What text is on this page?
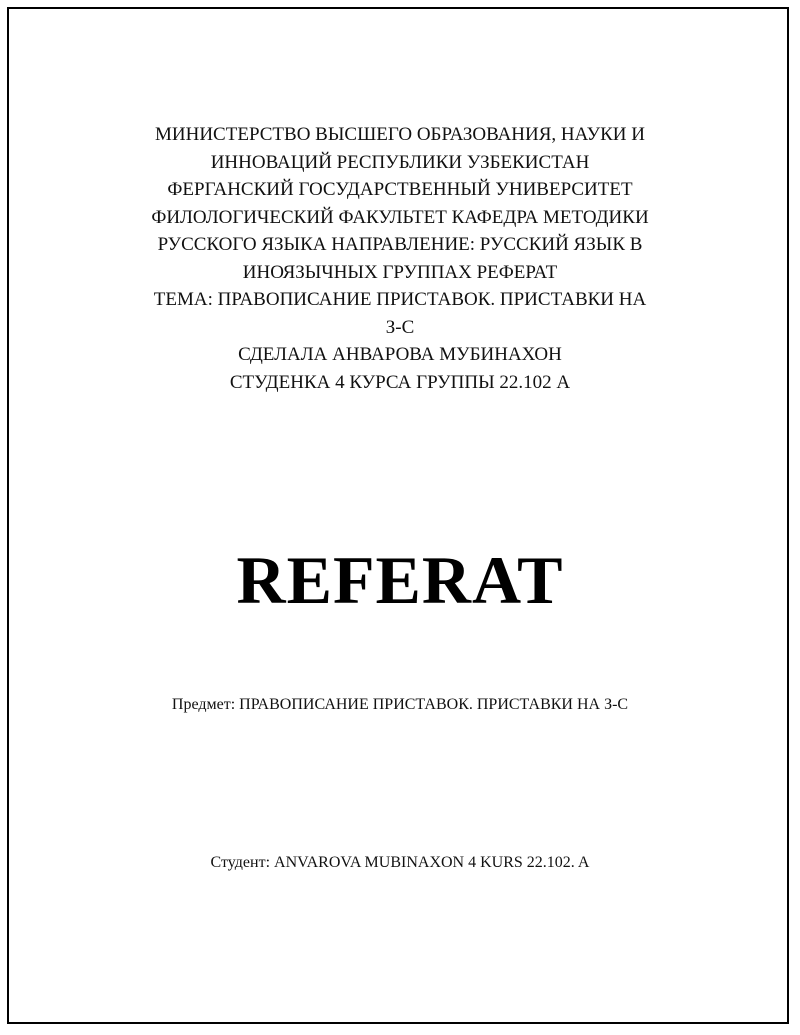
МИНИСТЕРСТВО ВЫСШЕГО ОБРАЗОВАНИЯ, НАУКИ И
ИННОВАЦИЙ РЕСПУБЛИКИ УЗБЕКИСТАН
ФЕРГАНСКИЙ ГОСУДАРСТВЕННЫЙ УНИВЕРСИТЕТ
ФИЛОЛОГИЧЕСКИЙ ФАКУЛЬТЕТ КАФЕДРА МЕТОДИКИ
РУССКОГО ЯЗЫКА НАПРАВЛЕНИЕ: РУССКИЙ ЯЗЫК В
ИНОЯЗЫЧНЫХ ГРУППАХ РЕФЕРАТ
ТЕМА: ПРАВОПИСАНИЕ ПРИСТАВОК. ПРИСТАВКИ НА
З-С
СДЕЛАЛА АНВАРОВА МУБИНАХОН
СТУДЕНКА 4 КУРСА ГРУППЫ 22.102 А
REFERAT
Предмет: ПРАВОПИСАНИЕ ПРИСТАВОК. ПРИСТАВКИ НА З-С
Студент: ANVAROVA MUBINAXON 4 KURS 22.102. A
